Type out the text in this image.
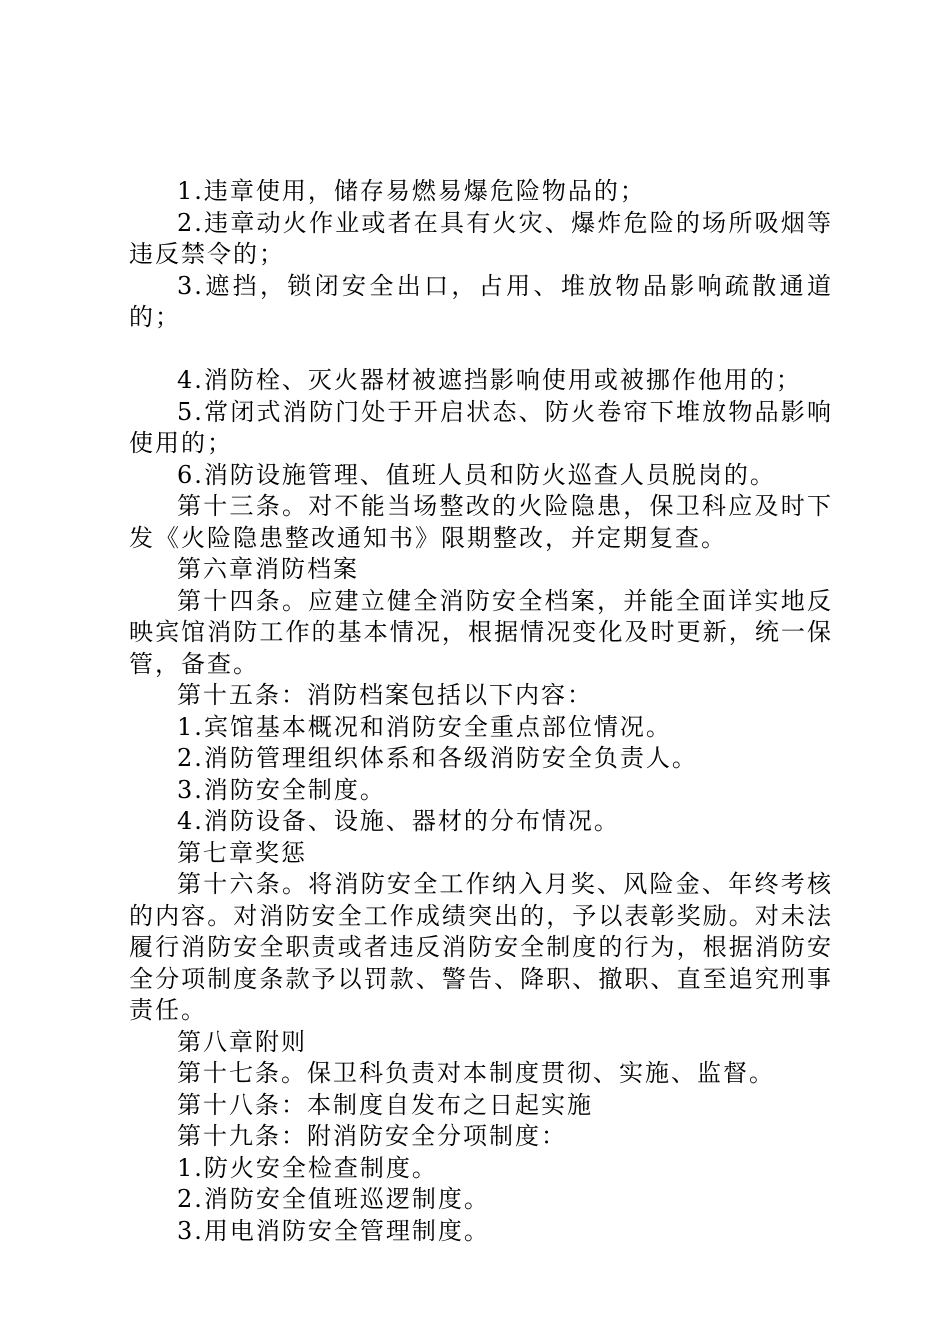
1.违章使用，储存易燃易爆危险物品的；

2.违章动火作业或者在具有火灾、爆炸危险的场所吸烟等违反禁令的；

3.遮挡，锁闭安全出口，占用、堆放物品影响疏散通道的；

4.消防栓、灭火器材被遮挡影响使用或被挪作他用的；

5.常闭式消防门处于开启状态、防火卷帘下堆放物品影响使用的；

6.消防设施管理、值班人员和防火巡查人员脱岗的。

第十三条。对不能当场整改的火险隐患，保卫科应及时下发《火险隐患整改通知书》限期整改，并定期复查。

第六章消防档案

第十四条。应建立健全消防安全档案，并能全面详实地反映宾馆消防工作的基本情况，根据情况变化及时更新，统一保管，备查。

第十五条：消防档案包括以下内容：

1.宾馆基本概况和消防安全重点部位情况。

2.消防管理组织体系和各级消防安全负责人。

3.消防安全制度。

4.消防设备、设施、器材的分布情况。

第七章奖惩

第十六条。将消防安全工作纳入月奖、风险金、年终考核的内容。对消防安全工作成绩突出的，予以表彰奖励。对未法履行消防安全职责或者违反消防安全制度的行为，根据消防安全分项制度条款予以罚款、警告、降职、撤职、直至追究刑事责任。

第八章附则

第十七条。保卫科负责对本制度贯彻、实施、监督。

第十八条：本制度自发布之日起实施

第十九条：附消防安全分项制度：

1.防火安全检查制度。

2.消防安全值班巡逻制度。

3.用电消防安全管理制度。
